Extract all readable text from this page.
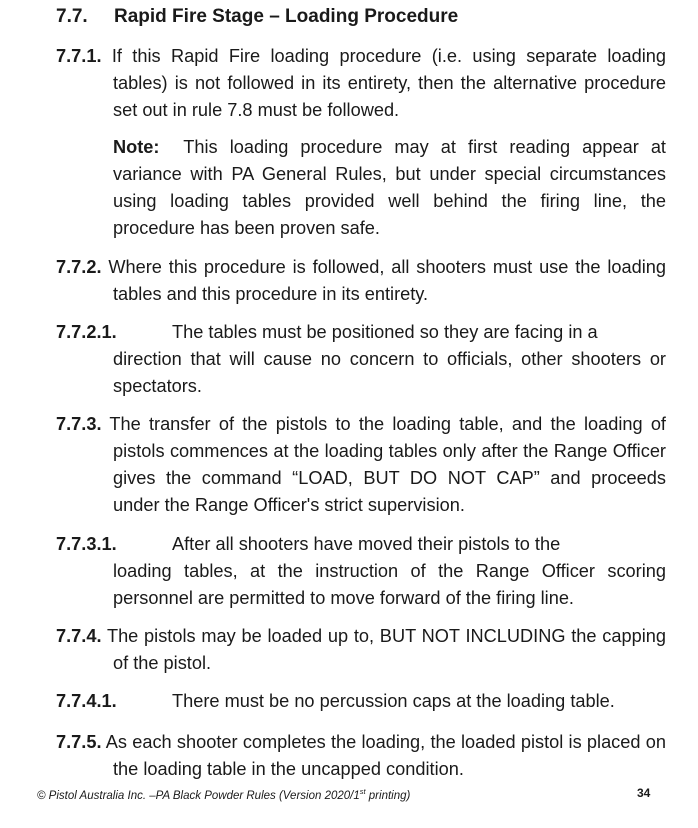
7.7. Rapid Fire Stage – Loading Procedure
7.7.1. If this Rapid Fire loading procedure (i.e. using separate loading tables) is not followed in its entirety, then the alternative procedure set out in rule 7.8 must be followed.
Note: This loading procedure may at first reading appear at variance with PA General Rules, but under special circumstances using loading tables provided well behind the firing line, the procedure has been proven safe.
7.7.2. Where this procedure is followed, all shooters must use the loading tables and this procedure in its entirety.
7.7.2.1.	The tables must be positioned so they are facing in a
direction that will cause no concern to officials, other shooters or spectators.
7.7.3. The transfer of the pistols to the loading table, and the loading of pistols commences at the loading tables only after the Range Officer gives the command “LOAD, BUT DO NOT CAP” and proceeds under the Range Officer's strict supervision.
7.7.3.1.	After all shooters have moved their pistols to the
loading tables, at the instruction of the Range Officer scoring personnel are permitted to move forward of the firing line.
7.7.4. The pistols may be loaded up to, BUT NOT INCLUDING the capping of the pistol.
7.7.4.1.	There must be no percussion caps at the loading table.
7.7.5. As each shooter completes the loading, the loaded pistol is placed on the loading table in the uncapped condition.
© Pistol Australia Inc. –PA Black Powder Rules (Version 2020/1st printing)	34
